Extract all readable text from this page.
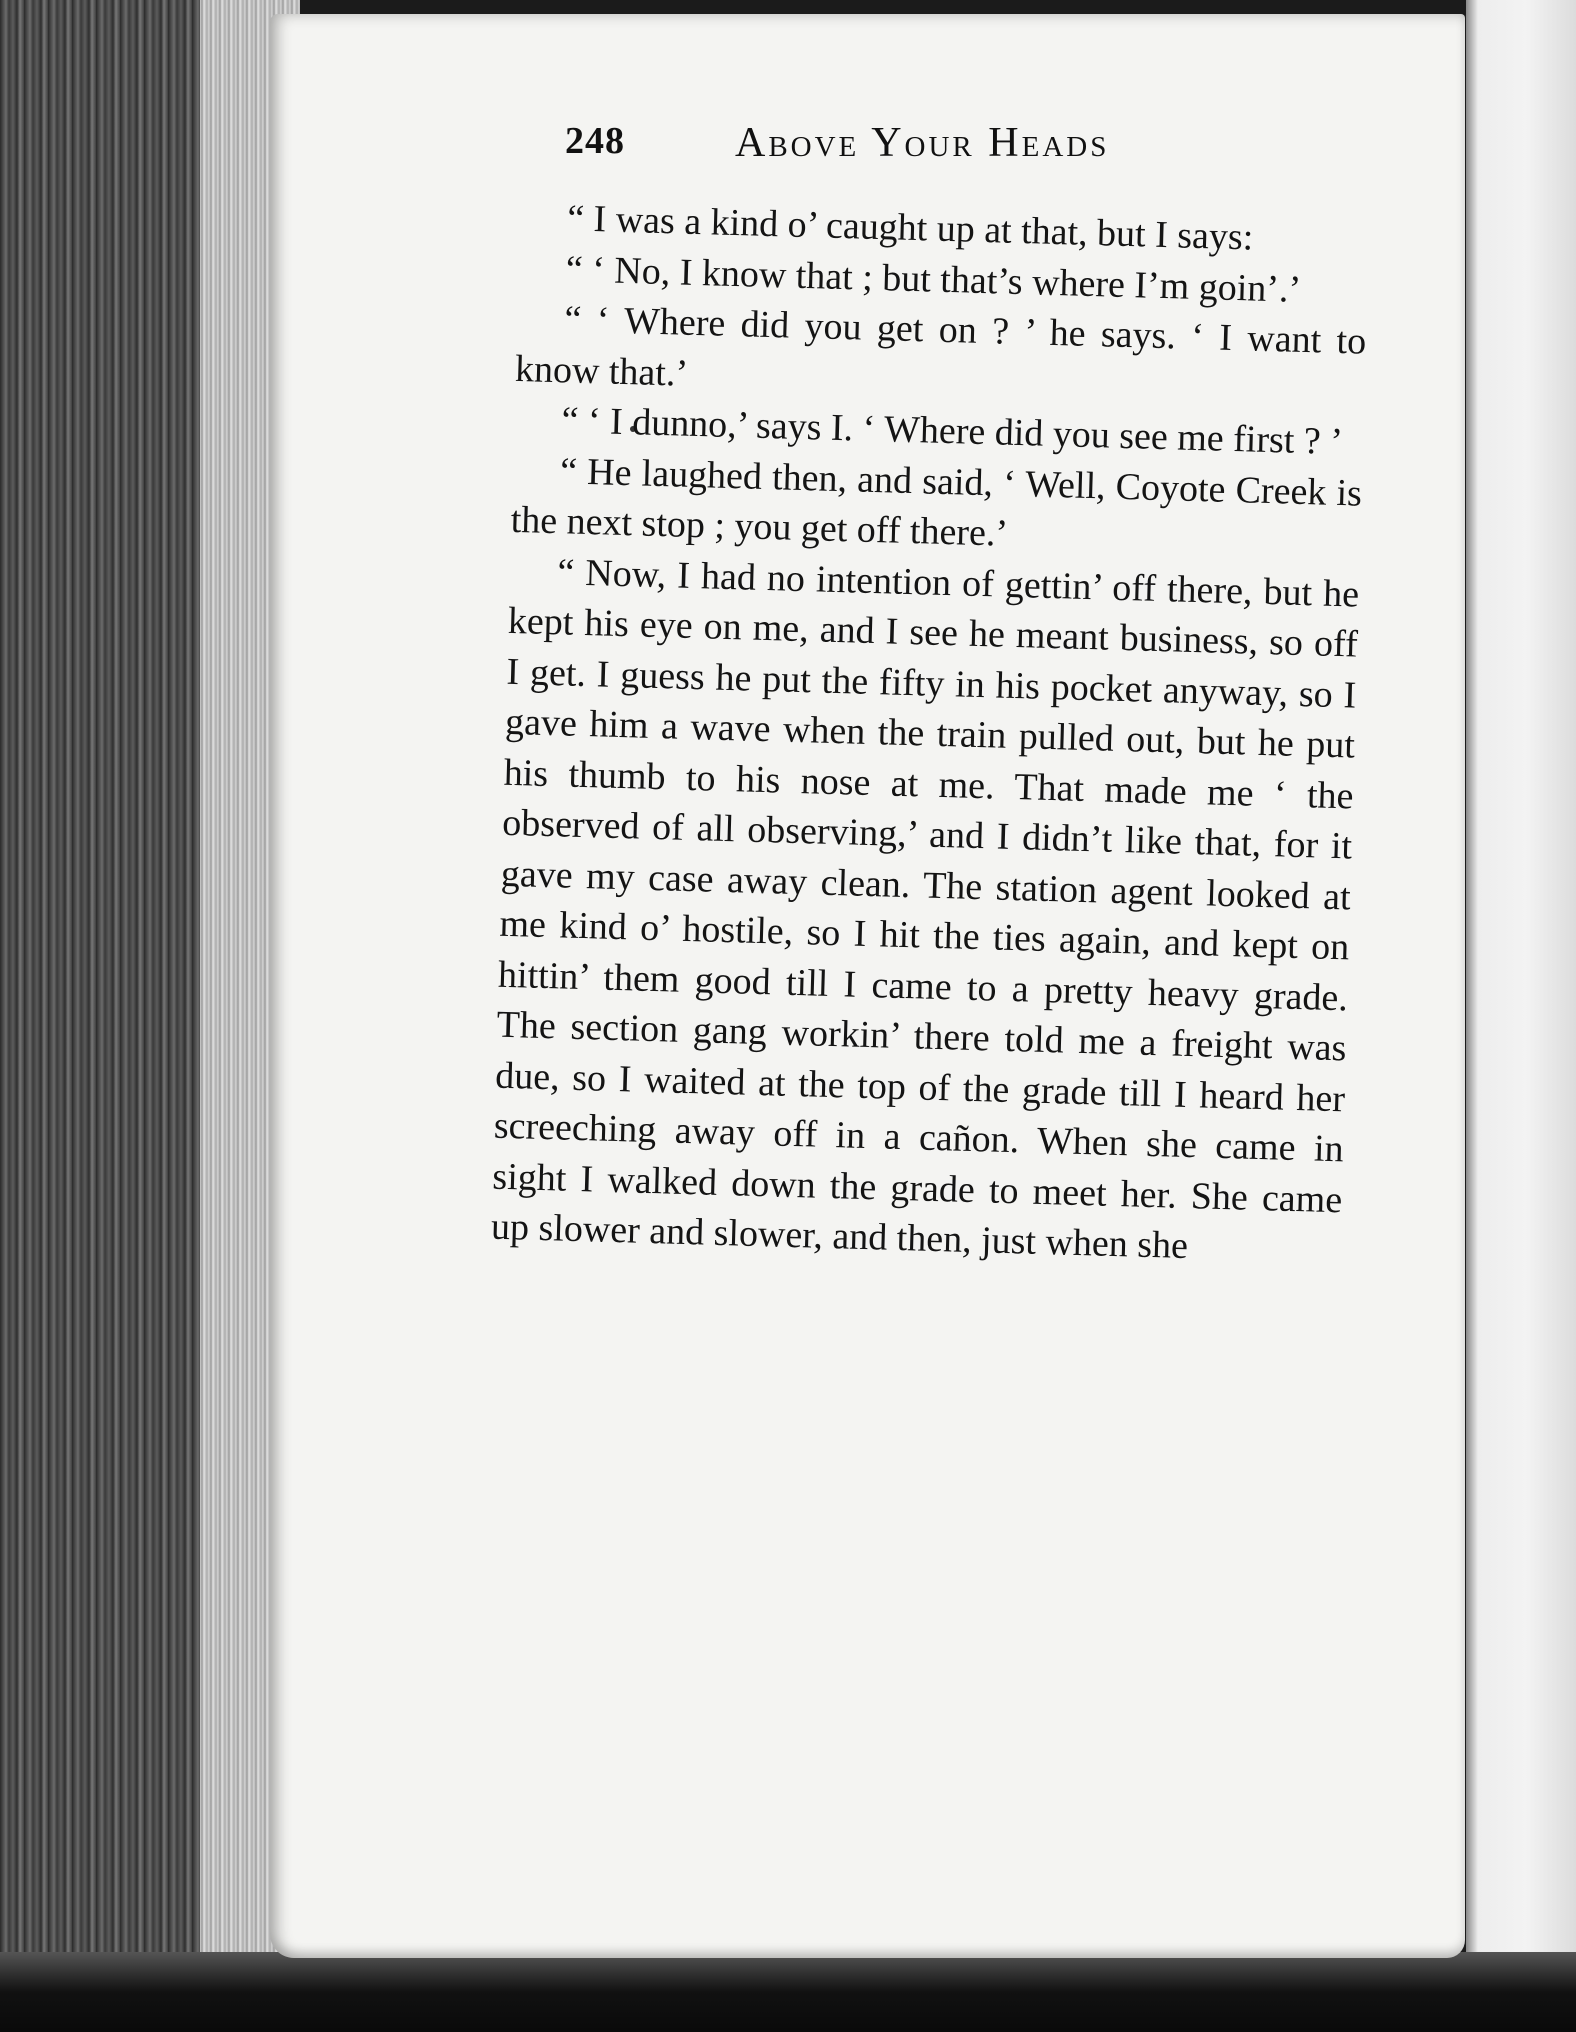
248	Above Your Heads

“ I was a kind o’ caught up at that, but I says:

“ ‘ No, I know that ; but that’s where I’m goin’.’

“ ‘ Where did you get on ? ’ he says. ‘ I want to know that.’

“ ‘ I dunno,’ says I. ‘ Where did you see me first ? ’

“ He laughed then, and said, ‘ Well, Coyote Creek is the next stop ; you get off there.’

“ Now, I had no intention of gettin’ off there, but he kept his eye on me, and I see he meant business, so off I get. I guess he put the fifty in his pocket anyway, so I gave him a wave when the train pulled out, but he put his thumb to his nose at me. That made me ‘ the observed of all observing,’ and I didn’t like that, for it gave my case away clean. The station agent looked at me kind o’ hostile, so I hit the ties again, and kept on hittin’ them good till I came to a pretty heavy grade. The section gang workin’ there told me a freight was due, so I waited at the top of the grade till I heard her screeching away off in a cañon. When she came in sight I walked down the grade to meet her. She came up slower and slower, and then, just when she
